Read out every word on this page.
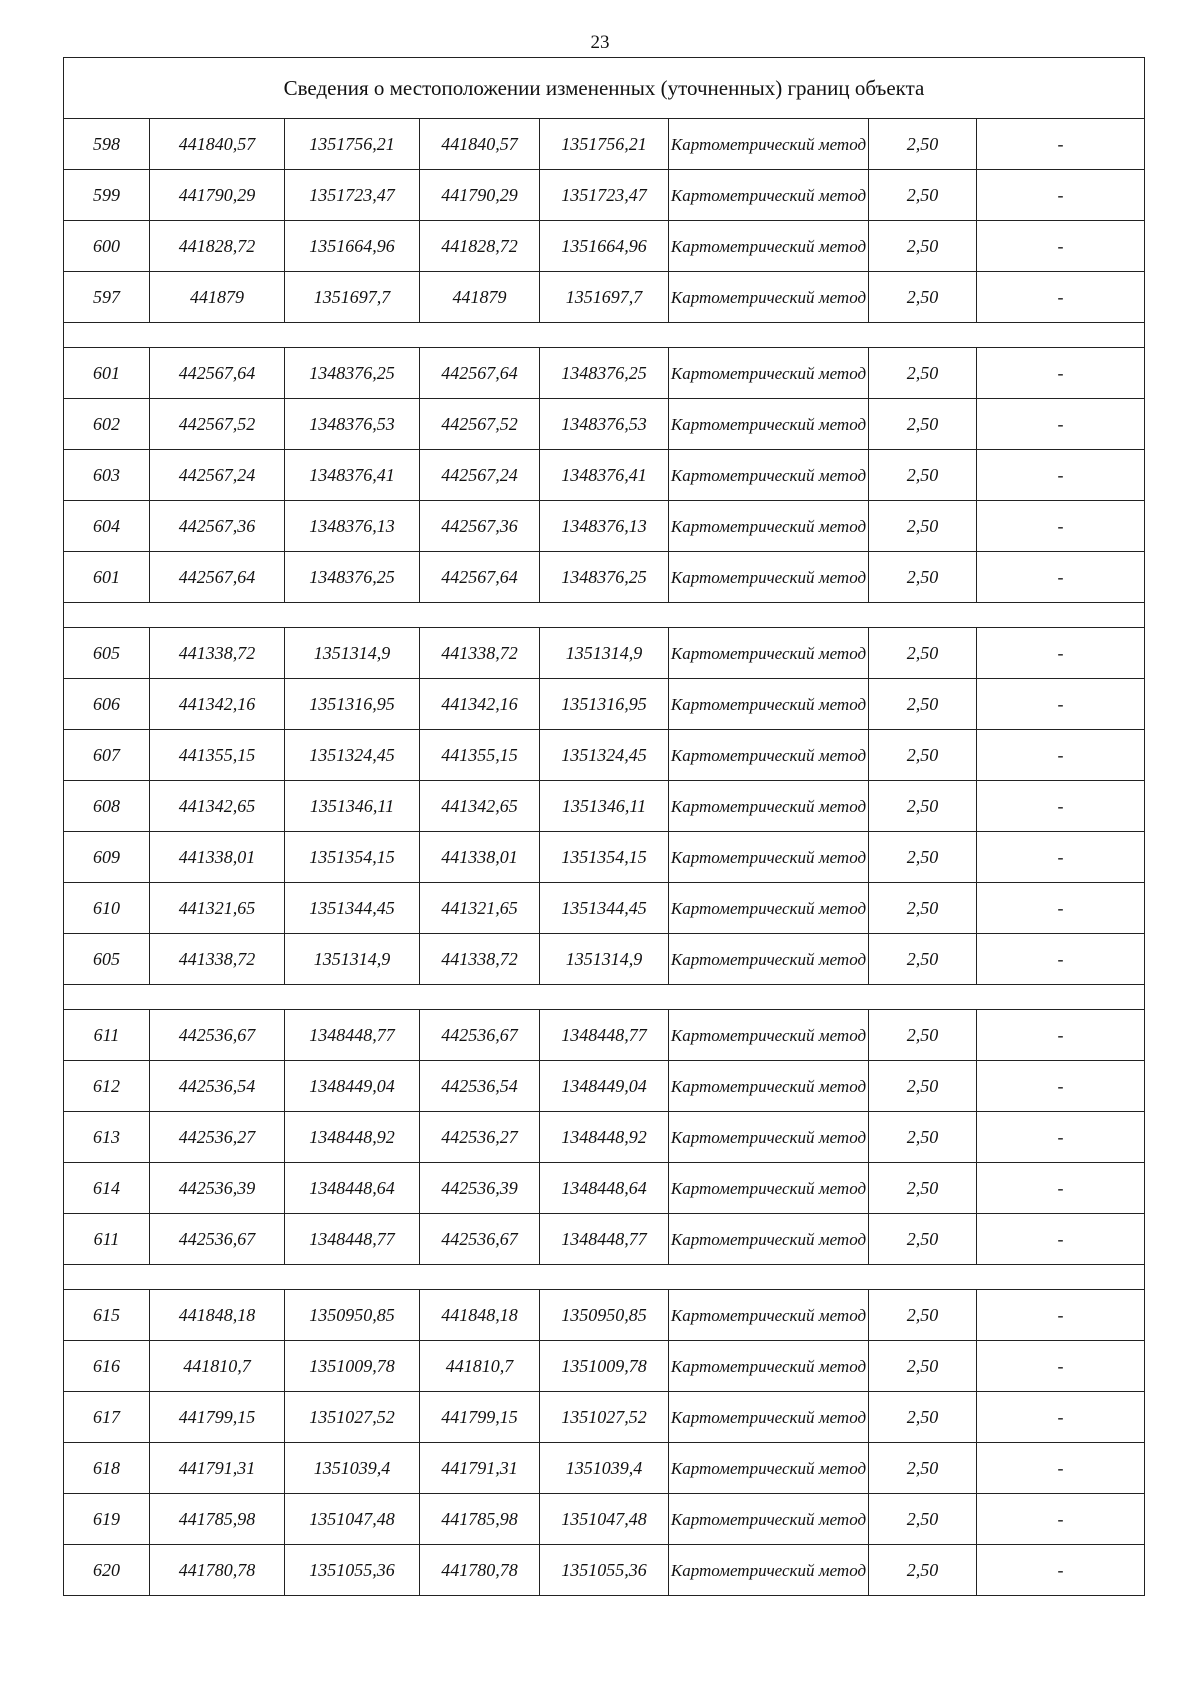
23
Сведения о местоположении измененных (уточненных) границ объекта							
598	441840,57	1351756,21	441840,57	1351756,21	Картометрический метод	2,50	-
599	441790,29	1351723,47	441790,29	1351723,47	Картометрический метод	2,50	-
600	441828,72	1351664,96	441828,72	1351664,96	Картометрический метод	2,50	-
597	441879	1351697,7	441879	1351697,7	Картометрический метод	2,50	-

601	442567,64	1348376,25	442567,64	1348376,25	Картометрический метод	2,50	-
602	442567,52	1348376,53	442567,52	1348376,53	Картометрический метод	2,50	-
603	442567,24	1348376,41	442567,24	1348376,41	Картометрический метод	2,50	-
604	442567,36	1348376,13	442567,36	1348376,13	Картометрический метод	2,50	-
601	442567,64	1348376,25	442567,64	1348376,25	Картометрический метод	2,50	-

605	441338,72	1351314,9	441338,72	1351314,9	Картометрический метод	2,50	-
606	441342,16	1351316,95	441342,16	1351316,95	Картометрический метод	2,50	-
607	441355,15	1351324,45	441355,15	1351324,45	Картометрический метод	2,50	-
608	441342,65	1351346,11	441342,65	1351346,11	Картометрический метод	2,50	-
609	441338,01	1351354,15	441338,01	1351354,15	Картометрический метод	2,50	-
610	441321,65	1351344,45	441321,65	1351344,45	Картометрический метод	2,50	-
605	441338,72	1351314,9	441338,72	1351314,9	Картометрический метод	2,50	-

611	442536,67	1348448,77	442536,67	1348448,77	Картометрический метод	2,50	-
612	442536,54	1348449,04	442536,54	1348449,04	Картометрический метод	2,50	-
613	442536,27	1348448,92	442536,27	1348448,92	Картометрический метод	2,50	-
614	442536,39	1348448,64	442536,39	1348448,64	Картометрический метод	2,50	-
611	442536,67	1348448,77	442536,67	1348448,77	Картометрический метод	2,50	-

615	441848,18	1350950,85	441848,18	1350950,85	Картометрический метод	2,50	-
616	441810,7	1351009,78	441810,7	1351009,78	Картометрический метод	2,50	-
617	441799,15	1351027,52	441799,15	1351027,52	Картометрический метод	2,50	-
618	441791,31	1351039,4	441791,31	1351039,4	Картометрический метод	2,50	-
619	441785,98	1351047,48	441785,98	1351047,48	Картометрический метод	2,50	-
620	441780,78	1351055,36	441780,78	1351055,36	Картометрический метод	2,50	-
